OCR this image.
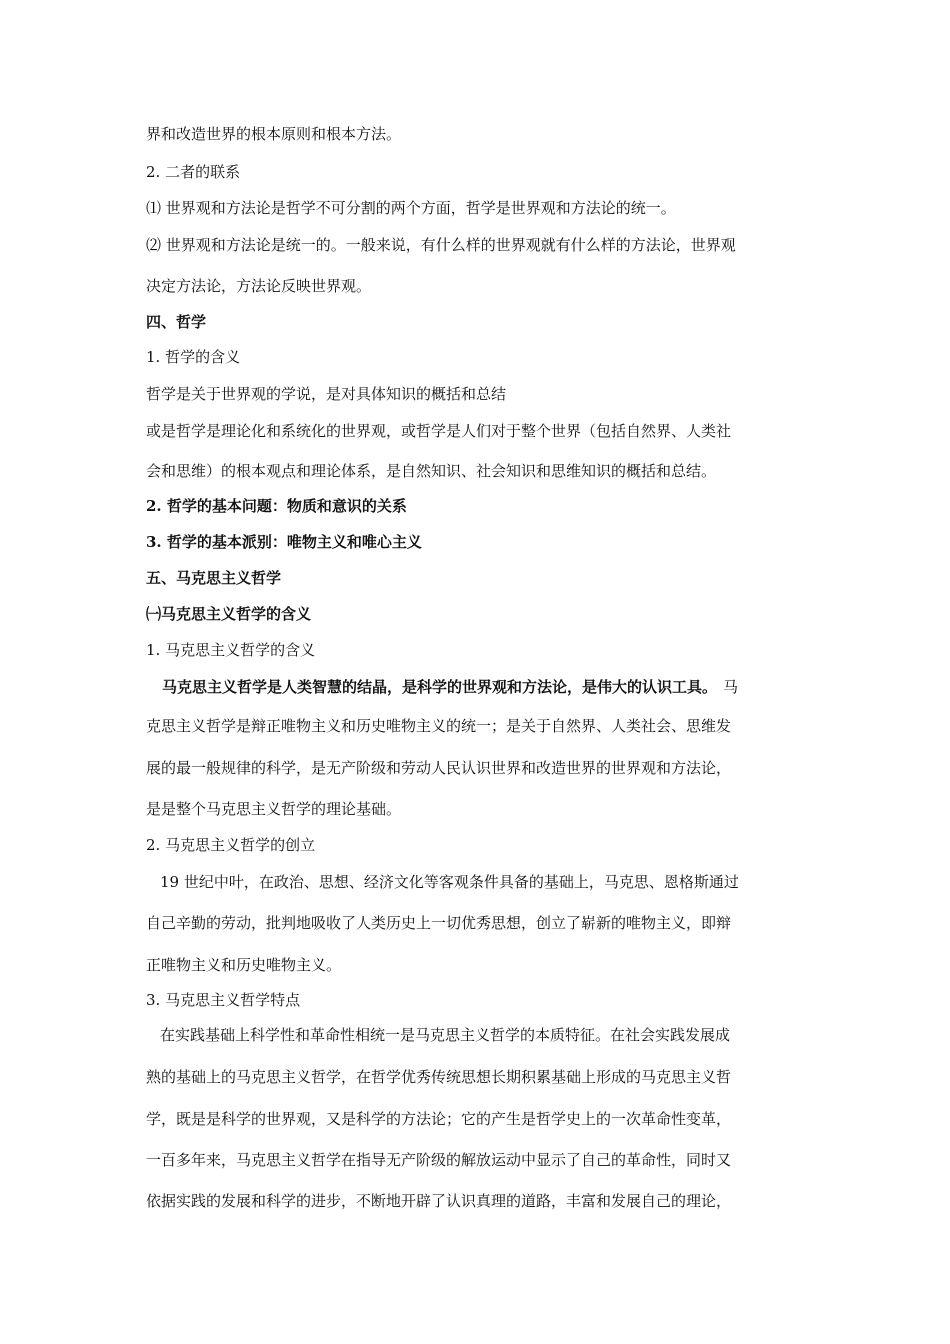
界和改造世界的根本原则和根本方法。
2. 二者的联系
⑴ 世界观和方法论是哲学不可分割的两个方面，哲学是世界观和方法论的统一。
⑵ 世界观和方法论是统一的。一般来说，有什么样的世界观就有什么样的方法论，世界观
决定方法论，方法论反映世界观。
四、哲学
1. 哲学的含义
哲学是关于世界观的学说，是对具体知识的概括和总结
或是哲学是理论化和系统化的世界观，或哲学是人们对于整个世界（包括自然界、人类社
会和思维）的根本观点和理论体系，是自然知识、社会知识和思维知识的概括和总结。
2. 哲学的基本问题：物质和意识的关系
3. 哲学的基本派别：唯物主义和唯心主义
五、马克思主义哲学
㈠马克思主义哲学的含义
1. 马克思主义哲学的含义
马克思主义哲学是人类智慧的结晶，是科学的世界观和方法论，是伟大的认识工具。 马
克思主义哲学是辩正唯物主义和历史唯物主义的统一；是关于自然界、人类社会、思维发
展的最一般规律的科学，是无产阶级和劳动人民认识世界和改造世界的世界观和方法论，
是是整个马克思主义哲学的理论基础。
2. 马克思主义哲学的创立
19 世纪中叶，在政治、思想、经济文化等客观条件具备的基础上，马克思、恩格斯通过
自己辛勤的劳动，批判地吸收了人类历史上一切优秀思想，创立了崭新的唯物主义，即辩
正唯物主义和历史唯物主义。
3. 马克思主义哲学特点
在实践基础上科学性和革命性相统一是马克思主义哲学的本质特征。在社会实践发展成
熟的基础上的马克思主义哲学，在哲学优秀传统思想长期积累基础上形成的马克思主义哲
学，既是是科学的世界观，又是科学的方法论；它的产生是哲学史上的一次革命性变革，
一百多年来，马克思主义哲学在指导无产阶级的解放运动中显示了自己的革命性，同时又
依据实践的发展和科学的进步，不断地开辟了认识真理的道路，丰富和发展自己的理论，
